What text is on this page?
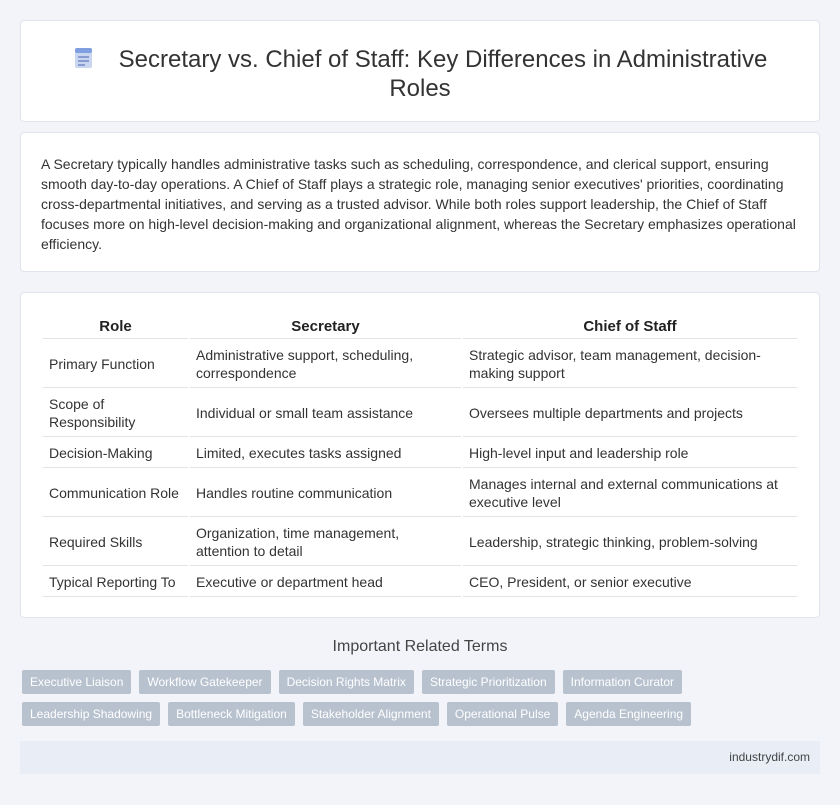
Secretary vs. Chief of Staff: Key Differences in Administrative Roles

A Secretary typically handles administrative tasks such as scheduling, correspondence, and clerical support, ensuring smooth day-to-day operations. A Chief of Staff plays a strategic role, managing senior executives' priorities, coordinating cross-departmental initiatives, and serving as a trusted advisor. While both roles support leadership, the Chief of Staff focuses more on high-level decision-making and organizational alignment, whereas the Secretary emphasizes operational efficiency.

Role	Secretary	Chief of Staff
Primary Function	Administrative support, scheduling, correspondence	Strategic advisor, team management, decision-making support
Scope of Responsibility	Individual or small team assistance	Oversees multiple departments and projects
Decision-Making	Limited, executes tasks assigned	High-level input and leadership role
Communication Role	Handles routine communication	Manages internal and external communications at executive level
Required Skills	Organization, time management, attention to detail	Leadership, strategic thinking, problem-solving
Typical Reporting To	Executive or department head	CEO, President, or senior executive
Important Related Terms
Executive Liaison	Workflow Gatekeeper	Decision Rights Matrix	Strategic Prioritization	Information Curator
Leadership Shadowing	Bottleneck Mitigation	Stakeholder Alignment	Operational Pulse	Agenda Engineering
industrydif.com
